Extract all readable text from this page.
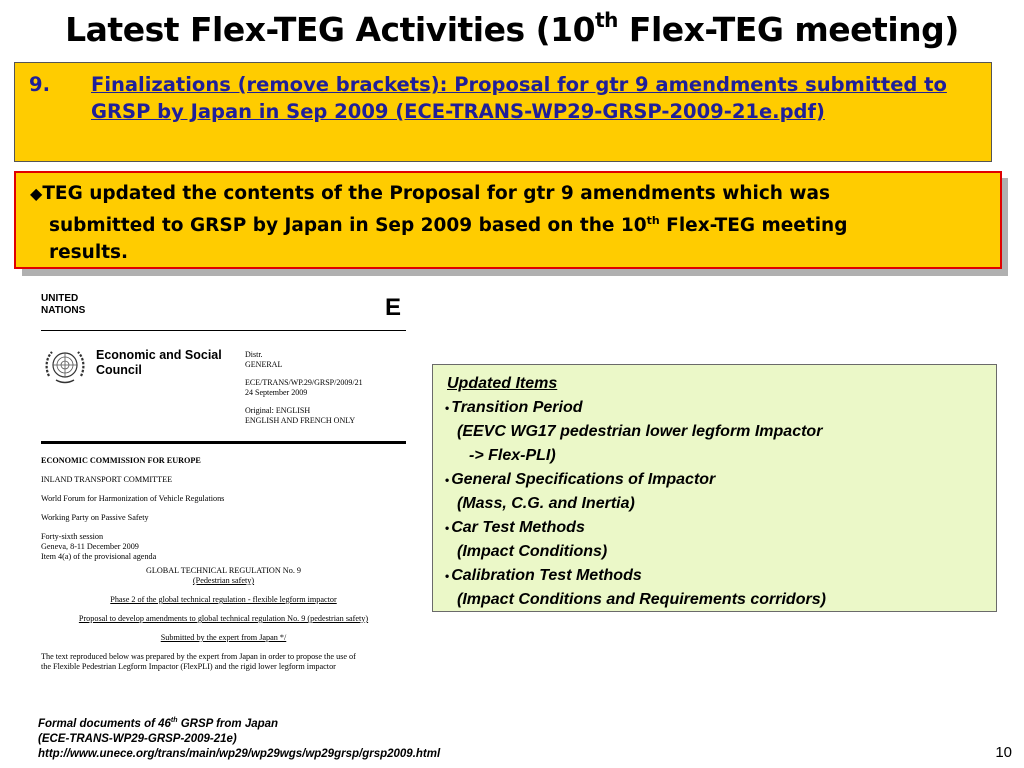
Latest Flex-TEG Activities (10th Flex-TEG meeting)
9. Finalizations (remove brackets): Proposal for gtr 9 amendments submitted to GRSP by Japan in Sep 2009 (ECE-TRANS-WP29-GRSP-2009-21e.pdf)
◆TEG updated the contents of the Proposal for gtr 9 amendments which was
submitted to GRSP by Japan in Sep 2009 based on the 10th Flex-TEG meeting
results.
UNITED
NATIONS	E
Economic and Social
Council
Distr.
GENERAL
ECE/TRANS/WP.29/GRSP/2009/21
24 September 2009
Original: ENGLISH
ENGLISH AND FRENCH ONLY
ECONOMIC COMMISSION FOR EUROPE
INLAND TRANSPORT COMMITTEE
World Forum for Harmonization of Vehicle Regulations
Working Party on Passive Safety
Forty-sixth session
Geneva, 8-11 December 2009
Item 4(a) of the provisional agenda
GLOBAL TECHNICAL REGULATION No. 9
(Pedestrian safety)
Phase 2 of the global technical regulation - flexible legform impactor
Proposal to develop amendments to global technical regulation No. 9 (pedestrian safety)
Submitted by the expert from Japan */
The text reproduced below was prepared by the expert from Japan in order to propose the use of
the Flexible Pedestrian Legform Impactor (FlexPLI) and the rigid lower legform impactor
Formal documents of 46th GRSP from Japan
(ECE-TRANS-WP29-GRSP-2009-21e)
http://www.unece.org/trans/main/wp29/wp29wgs/wp29grsp/grsp2009.html
Updated Items
• Transition Period
(EEVC WG17 pedestrian lower legform Impactor
-> Flex-PLI)
• General Specifications of Impactor
(Mass, C.G. and Inertia)
• Car Test Methods
(Impact Conditions)
• Calibration Test Methods
(Impact Conditions and Requirements corridors)
10
